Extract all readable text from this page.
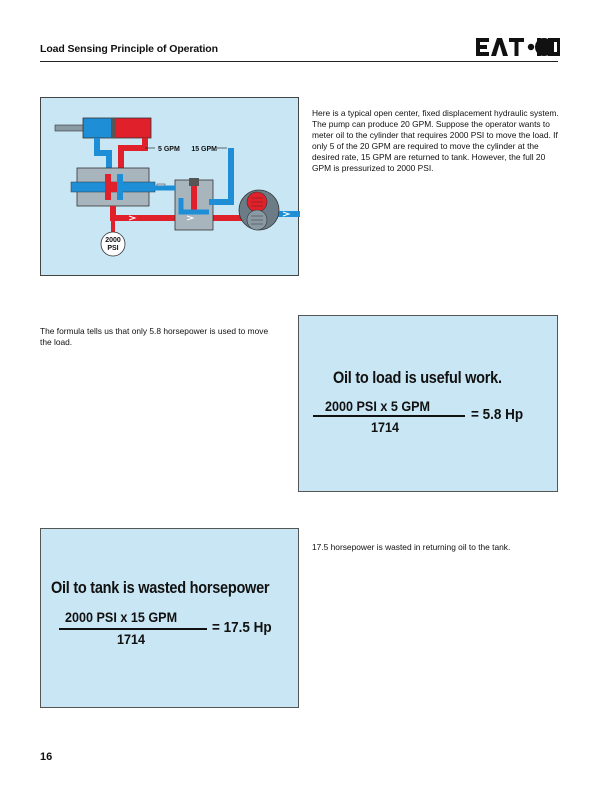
Load Sensing Principle of Operation
2000
PSI
5 GPM 15 GPM
Here is a typical open center, fixed displacement hydraulic system. The pump can produce 20 GPM. Suppose the operator wants to meter oil to the cylinder that requires 2000 PSI to move the load. If only 5 of the 20 GPM are required to move the cylinder at the desired rate, 15 GPM are returned to tank. However, the full 20 GPM is pressurized to 2000 PSI.
The formula tells us that only 5.8 horsepower is used to move the load.
Oil to load is useful work.
2000 PSI x 5 GPM
1714
= 5.8 Hp
Oil to tank is wasted horsepower
2000 PSI x 15 GPM
1714
= 17.5 Hp
17.5 horsepower is wasted in returning oil to the tank.
16
